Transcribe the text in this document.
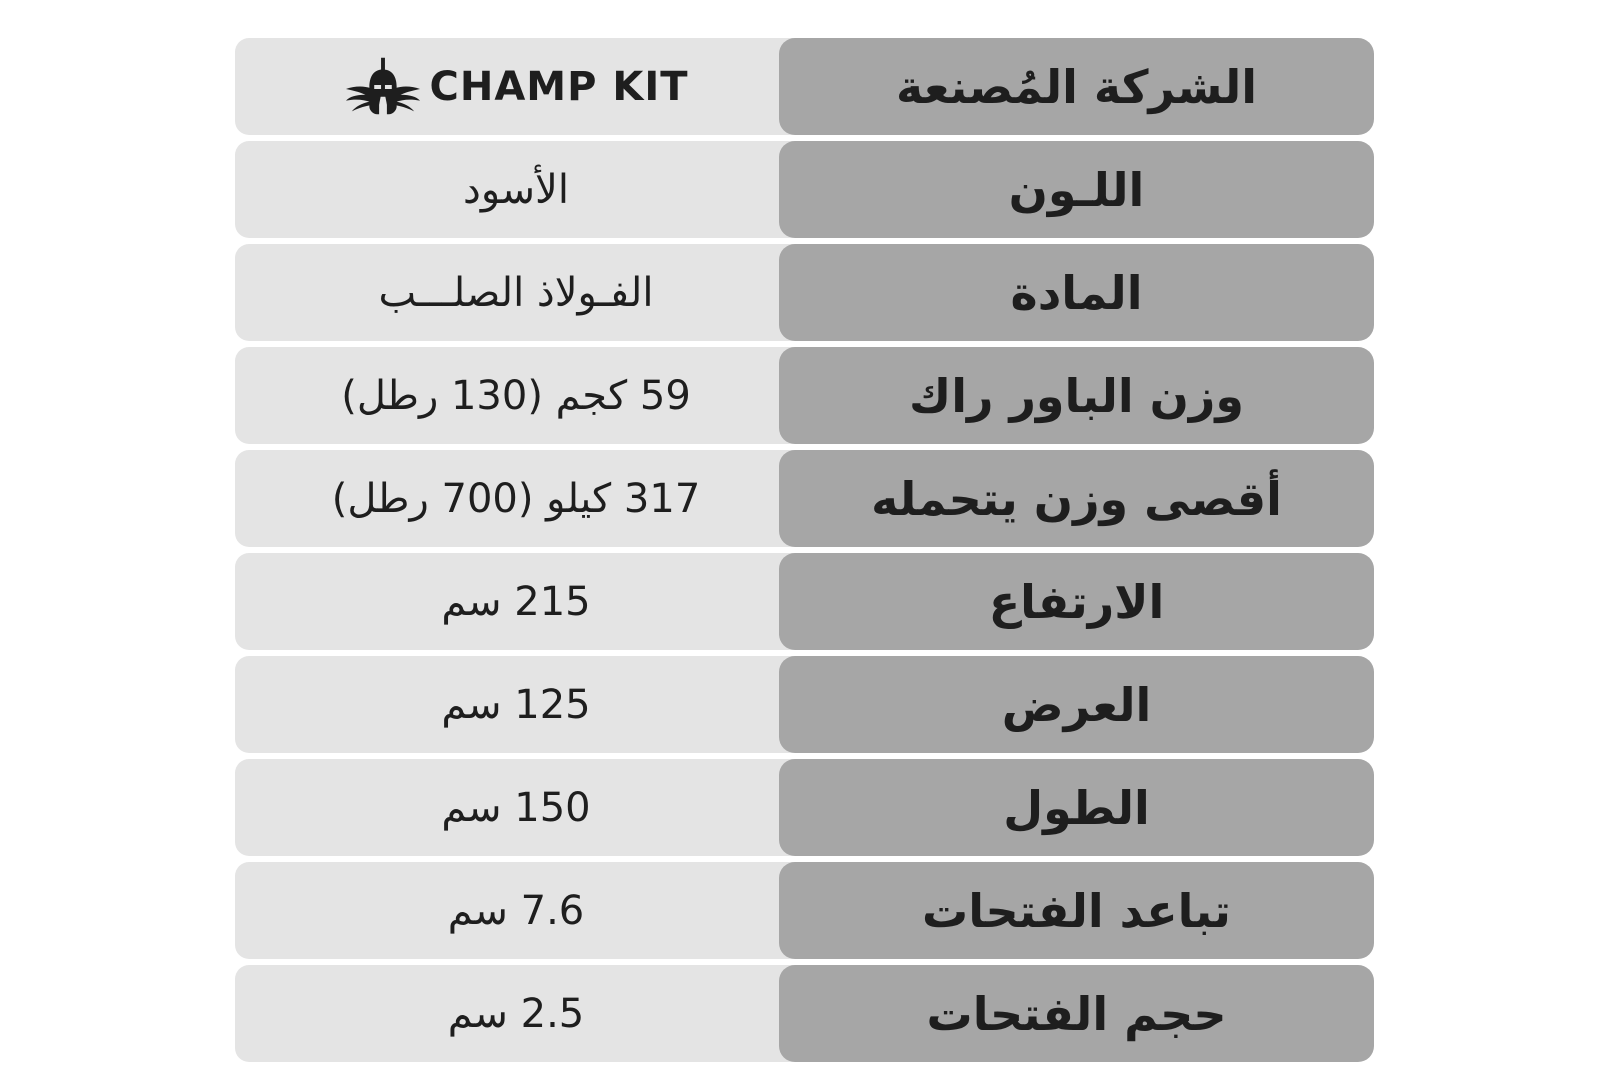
CHAMP KIT	الشركة المُصنعة
الأسود	اللـون
الفـولاذ الصلـــب	المادة
59 كجم (130 رطل)	وزن الباور راك
317 كيلو (700 رطل)	أقصى وزن يتحمله
215 سم	الارتفاع
125 سم	العرض
150 سم	الطول
7.6 سم	تباعد الفتحات
2.5 سم	حجم الفتحات
